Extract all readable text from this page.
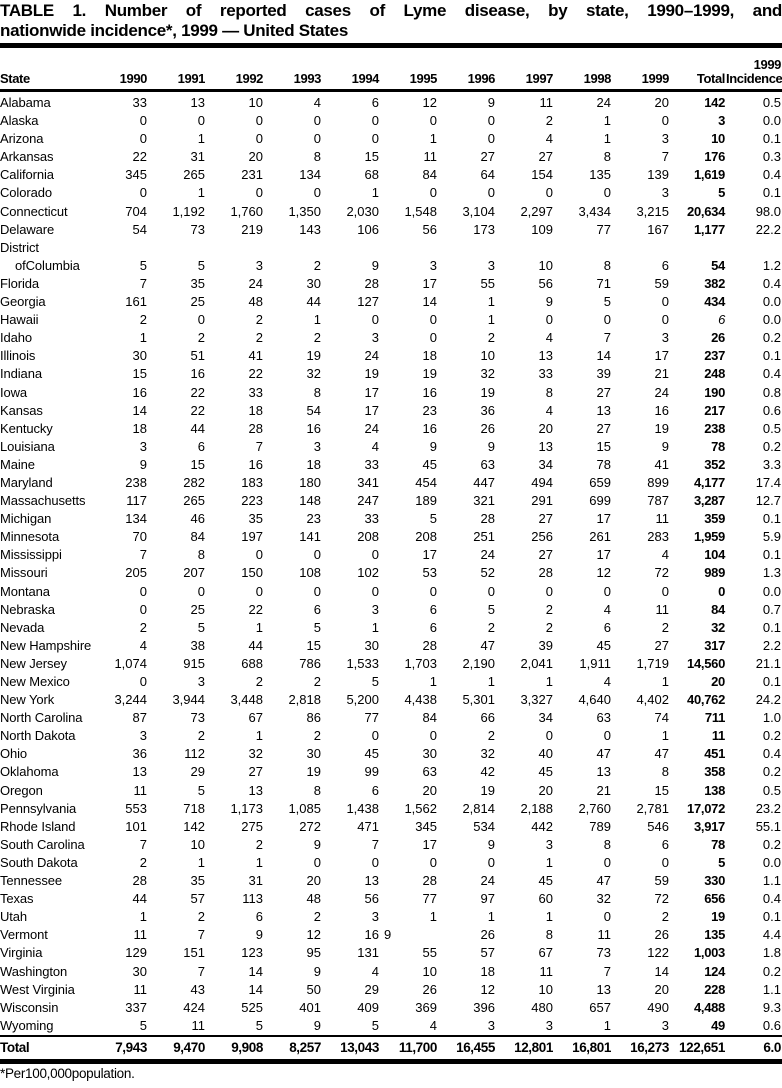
TABLE 1. Number of reported cases of Lyme disease, by state, 1990–1999, and
nationwide incidence*, 1999 — United States
State	1990	1991	1992	1993	1994	1995	1996	1997	1998	1999	Total	1999
Incidence

Alabama	33	13	10	4	6	12	9	11	24	20	142	0.5
Alaska	0	0	0	0	0	0	0	2	1	0	3	0.0
Arizona	0	1	0	0	0	1	0	4	1	3	10	0.1
Arkansas	22	31	20	8	15	11	27	27	8	7	176	0.3
California	345	265	231	134	68	84	64	154	135	139	1,619	0.4
Colorado	0	1	0	0	1	0	0	0	0	3	5	0.1
Connecticut	704	1,192	1,760	1,350	2,030	1,548	3,104	2,297	3,434	3,215	20,634	98.0
Delaware	54	73	219	143	106	56	173	109	77	167	1,177	22.2

District
ofColumbia	5	5	3	2	9	3	3	10	8	6	54	1.2
Florida	7	35	24	30	28	17	55	56	71	59	382	0.4
Georgia	161	25	48	44	127	14	1	9	5	0	434	0.0
Hawaii	2	0	2	1	0	0	1	0	0	0	6	0.0
Idaho	1	2	2	2	3	0	2	4	7	3	26	0.2
Illinois	30	51	41	19	24	18	10	13	14	17	237	0.1
Indiana	15	16	22	32	19	19	32	33	39	21	248	0.4
Iowa	16	22	33	8	17	16	19	8	27	24	190	0.8
Kansas	14	22	18	54	17	23	36	4	13	16	217	0.6
Kentucky	18	44	28	16	24	16	26	20	27	19	238	0.5
Louisiana	3	6	7	3	4	9	9	13	15	9	78	0.2
Maine	9	15	16	18	33	45	63	34	78	41	352	3.3
Maryland	238	282	183	180	341	454	447	494	659	899	4,177	17.4
Massachusetts	117	265	223	148	247	189	321	291	699	787	3,287	12.7
Michigan	134	46	35	23	33	5	28	27	17	11	359	0.1
Minnesota	70	84	197	141	208	208	251	256	261	283	1,959	5.9
Mississippi	7	8	0	0	0	17	24	27	17	4	104	0.1
Missouri	205	207	150	108	102	53	52	28	12	72	989	1.3
Montana	0	0	0	0	0	0	0	0	0	0	0	0.0
Nebraska	0	25	22	6	3	6	5	2	4	11	84	0.7
Nevada	2	5	1	5	1	6	2	2	6	2	32	0.1
New Hampshire	4	38	44	15	30	28	47	39	45	27	317	2.2
New Jersey	1,074	915	688	786	1,533	1,703	2,190	2,041	1,911	1,719	14,560	21.1
New Mexico	0	3	2	2	5	1	1	1	4	1	20	0.1
New York	3,244	3,944	3,448	2,818	5,200	4,438	5,301	3,327	4,640	4,402	40,762	24.2
North Carolina	87	73	67	86	77	84	66	34	63	74	711	1.0
North Dakota	3	2	1	2	0	0	2	0	0	1	11	0.2
Ohio	36	112	32	30	45	30	32	40	47	47	451	0.4
Oklahoma	13	29	27	19	99	63	42	45	13	8	358	0.2
Oregon	11	5	13	8	6	20	19	20	21	15	138	0.5
Pennsylvania	553	718	1,173	1,085	1,438	1,562	2,814	2,188	2,760	2,781	17,072	23.2
Rhode Island	101	142	275	272	471	345	534	442	789	546	3,917	55.1
South Carolina	7	10	2	9	7	17	9	3	8	6	78	0.2
South Dakota	2	1	1	0	0	0	0	1	0	0	5	0.0
Tennessee	28	35	31	20	13	28	24	45	47	59	330	1.1
Texas	44	57	113	48	56	77	97	60	32	72	656	0.4
Utah	1	2	6	2	3	1	1	1	0	2	19	0.1
Vermont	11	7	9	12	16	9	26	8	11	26	135	4.4
Virginia	129	151	123	95	131	55	57	67	73	122	1,003	1.8
Washington	30	7	14	9	4	10	18	11	7	14	124	0.2
West Virginia	11	43	14	50	29	26	12	10	13	20	228	1.1
Wisconsin	337	424	525	401	409	369	396	480	657	490	4,488	9.3
Wyoming	5	11	5	9	5	4	3	3	1	3	49	0.6
Total	7,943	9,470	9,908	8,257	13,043	11,700	16,455	12,801	16,801	16,273	122,651	6.0
*Per100,000population.
